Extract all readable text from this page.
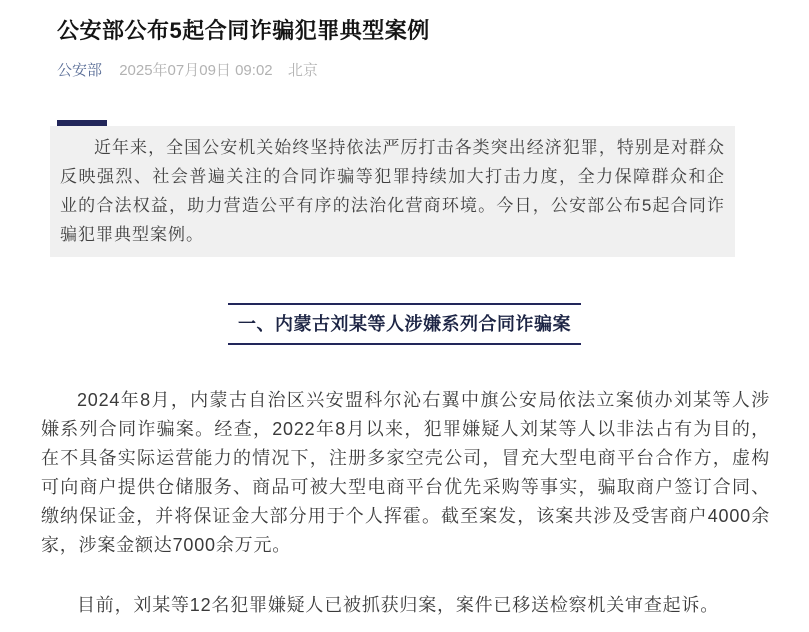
公安部公布5起合同诈骗犯罪典型案例
公安部 2025年07月09日 09:02 北京

近年来，全国公安机关始终坚持依法严厉打击各类突出经济犯罪，特别是对群众反映强烈、社会普遍关注的合同诈骗等犯罪持续加大打击力度，全力保障群众和企业的合法权益，助力营造公平有序的法治化营商环境。今日，公安部公布5起合同诈骗犯罪典型案例。

一、内蒙古刘某等人涉嫌系列合同诈骗案

2024年8月，内蒙古自治区兴安盟科尔沁右翼中旗公安局依法立案侦办刘某等人涉嫌系列合同诈骗案。经查，2022年8月以来，犯罪嫌疑人刘某等人以非法占有为目的，在不具备实际运营能力的情况下，注册多家空壳公司，冒充大型电商平台合作方，虚构可向商户提供仓储服务、商品可被大型电商平台优先采购等事实，骗取商户签订合同、缴纳保证金，并将保证金大部分用于个人挥霍。截至案发，该案共涉及受害商户4000余家，涉案金额达7000余万元。

目前，刘某等12名犯罪嫌疑人已被抓获归案，案件已移送检察机关审查起诉。
